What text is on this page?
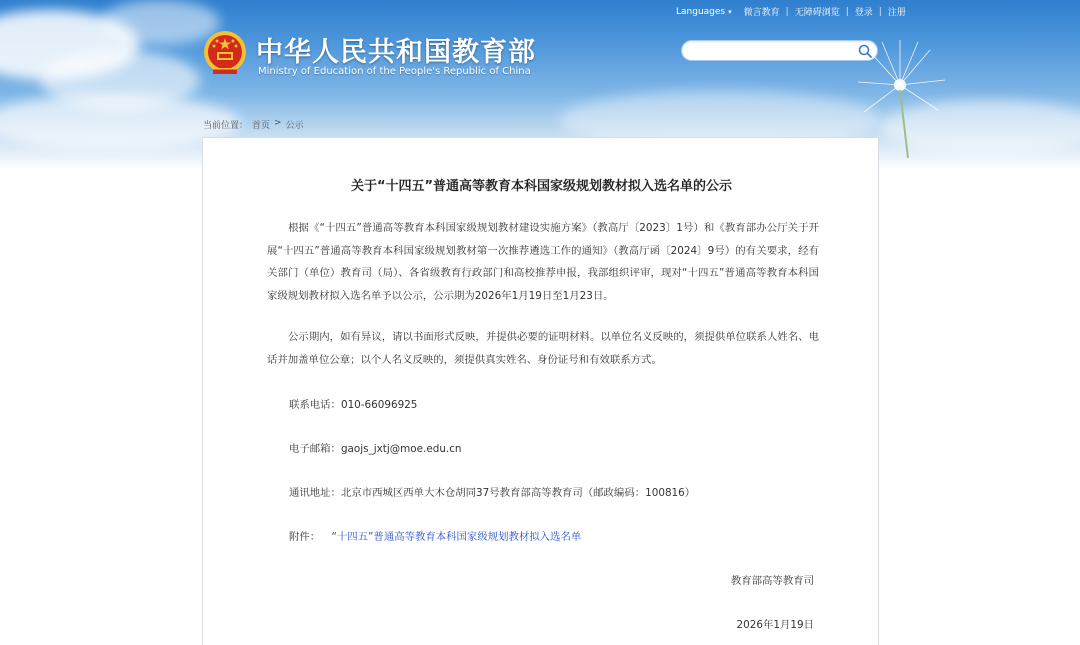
Languages ▾ 微言教育 | 无障碍浏览 | 登录 | 注册
中华人民共和国教育部
Ministry of Education of the People's Republic of China
当前位置： 首页 > 公示
关于“十四五”普通高等教育本科国家级规划教材拟入选名单的公示
根据《“十四五”普通高等教育本科国家级规划教材建设实施方案》（教高厅〔2023〕1号）和《教育部办公厅关于开展“十四五”普通高等教育本科国家级规划教材第一次推荐遴选工作的通知》（教高厅函〔2024〕9号）的有关要求，经有关部门（单位）教育司（局）、各省级教育行政部门和高校推荐申报，我部组织评审，现对“十四五”普通高等教育本科国家级规划教材拟入选名单予以公示，公示期为2026年1月19日至1月23日。
公示期内，如有异议，请以书面形式反映，并提供必要的证明材料。以单位名义反映的，须提供单位联系人姓名、电话并加盖单位公章；以个人名义反映的，须提供真实姓名、身份证号和有效联系方式。
联系电话：010-66096925
电子邮箱：gaojs_jxtj@moe.edu.cn
通讯地址：北京市西城区西单大木仓胡同37号教育部高等教育司（邮政编码：100816）
附件： “十四五”普通高等教育本科国家级规划教材拟入选名单
教育部高等教育司
2026年1月19日
